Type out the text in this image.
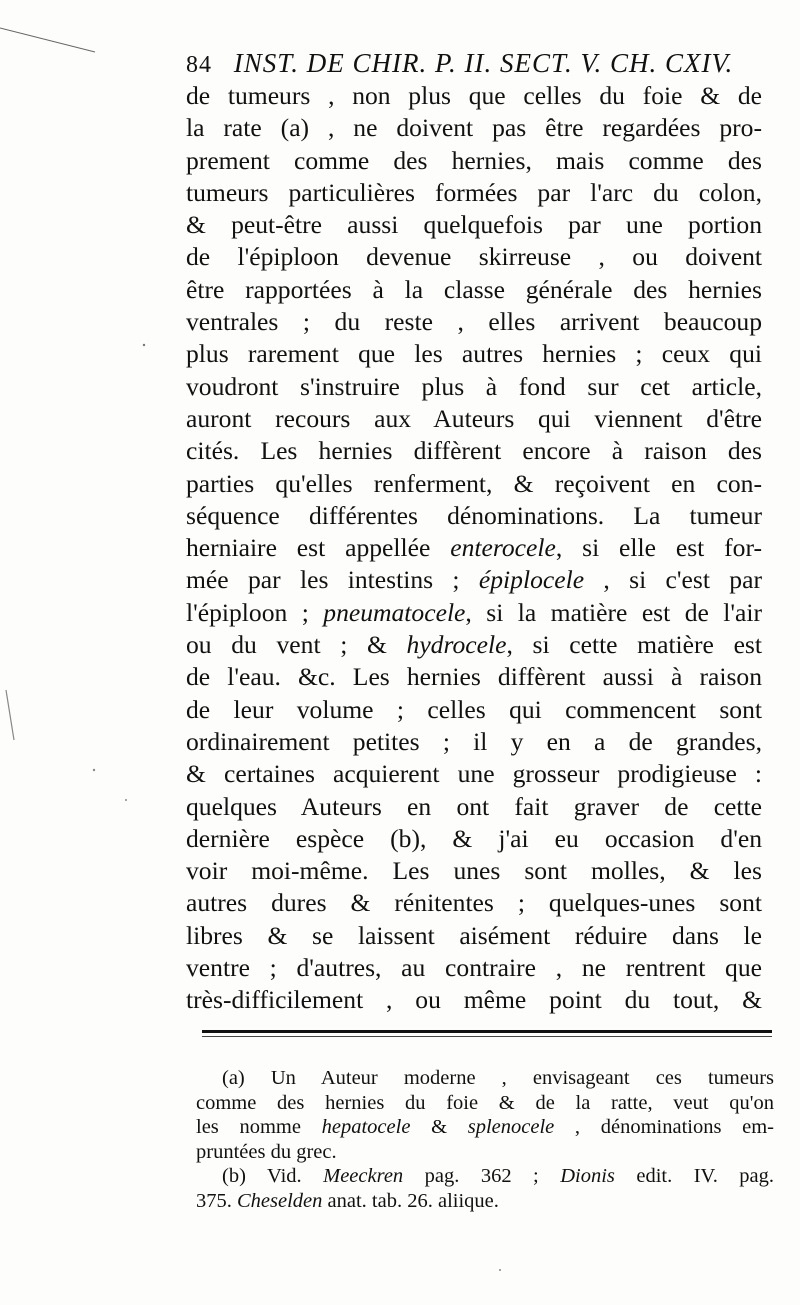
84 INST. DE CHIR. P. II. SECT. V. CH. CXIV.
de tumeurs , non plus que celles du foie & de
la rate (a) , ne doivent pas être regardées pro-
prement comme des hernies, mais comme des
tumeurs particulières formées par l'arc du colon,
& peut-être aussi quelquefois par une portion
de l'épiploon devenue skirreuse , ou doivent
être rapportées à la classe générale des hernies
ventrales ; du reste , elles arrivent beaucoup
plus rarement que les autres hernies ; ceux qui
voudront s'instruire plus à fond sur cet article,
auront recours aux Auteurs qui viennent d'être
cités. Les hernies diffèrent encore à raison des
parties qu'elles renferment, & reçoivent en con-
séquence différentes dénominations. La tumeur
herniaire est appellée enterocele, si elle est for-
mée par les intestins ; épiplocele , si c'est par
l'épiploon ; pneumatocele, si la matière est de l'air
ou du vent ; & hydrocele, si cette matière est
de l'eau. &c. Les hernies diffèrent aussi à raison
de leur volume ; celles qui commencent sont
ordinairement petites ; il y en a de grandes,
& certaines acquierent une grosseur prodigieuse :
quelques Auteurs en ont fait graver de cette
dernière espèce (b), & j'ai eu occasion d'en
voir moi-même. Les unes sont molles, & les
autres dures & rénitentes ; quelques-unes sont
libres & se laissent aisément réduire dans le
ventre ; d'autres, au contraire , ne rentrent que
très-difficilement , ou même point du tout, &
(a) Un Auteur moderne , envisageant ces tumeurs
comme des hernies du foie & de la ratte, veut qu'on
les nomme hepatocele & splenocele , dénominations em-
pruntées du grec.
(b) Vid. Meeckren pag. 362 ; Dionis edit. IV. pag.
375. Cheselden anat. tab. 26. aliique.
